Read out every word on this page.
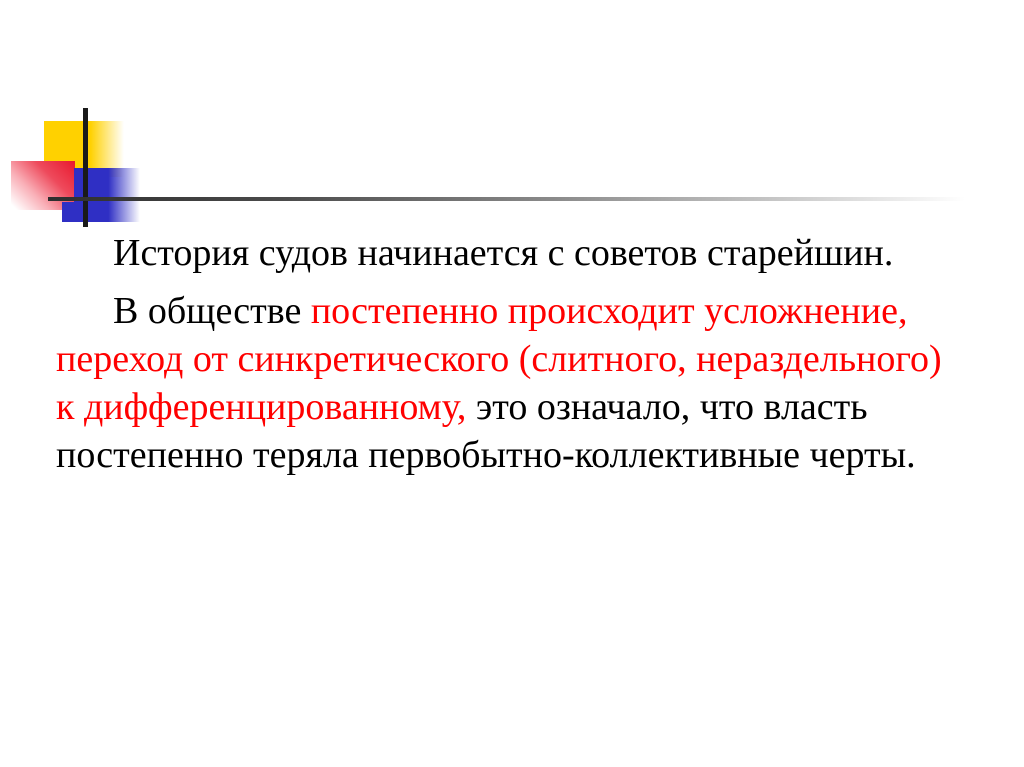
История судов начинается с советов старейшин.

В обществе постепенно происходит усложнение, переход от синкретического (слитного, нераздельного) к дифференцированному, это означало, что власть постепенно теряла первобытно-коллективные черты.
